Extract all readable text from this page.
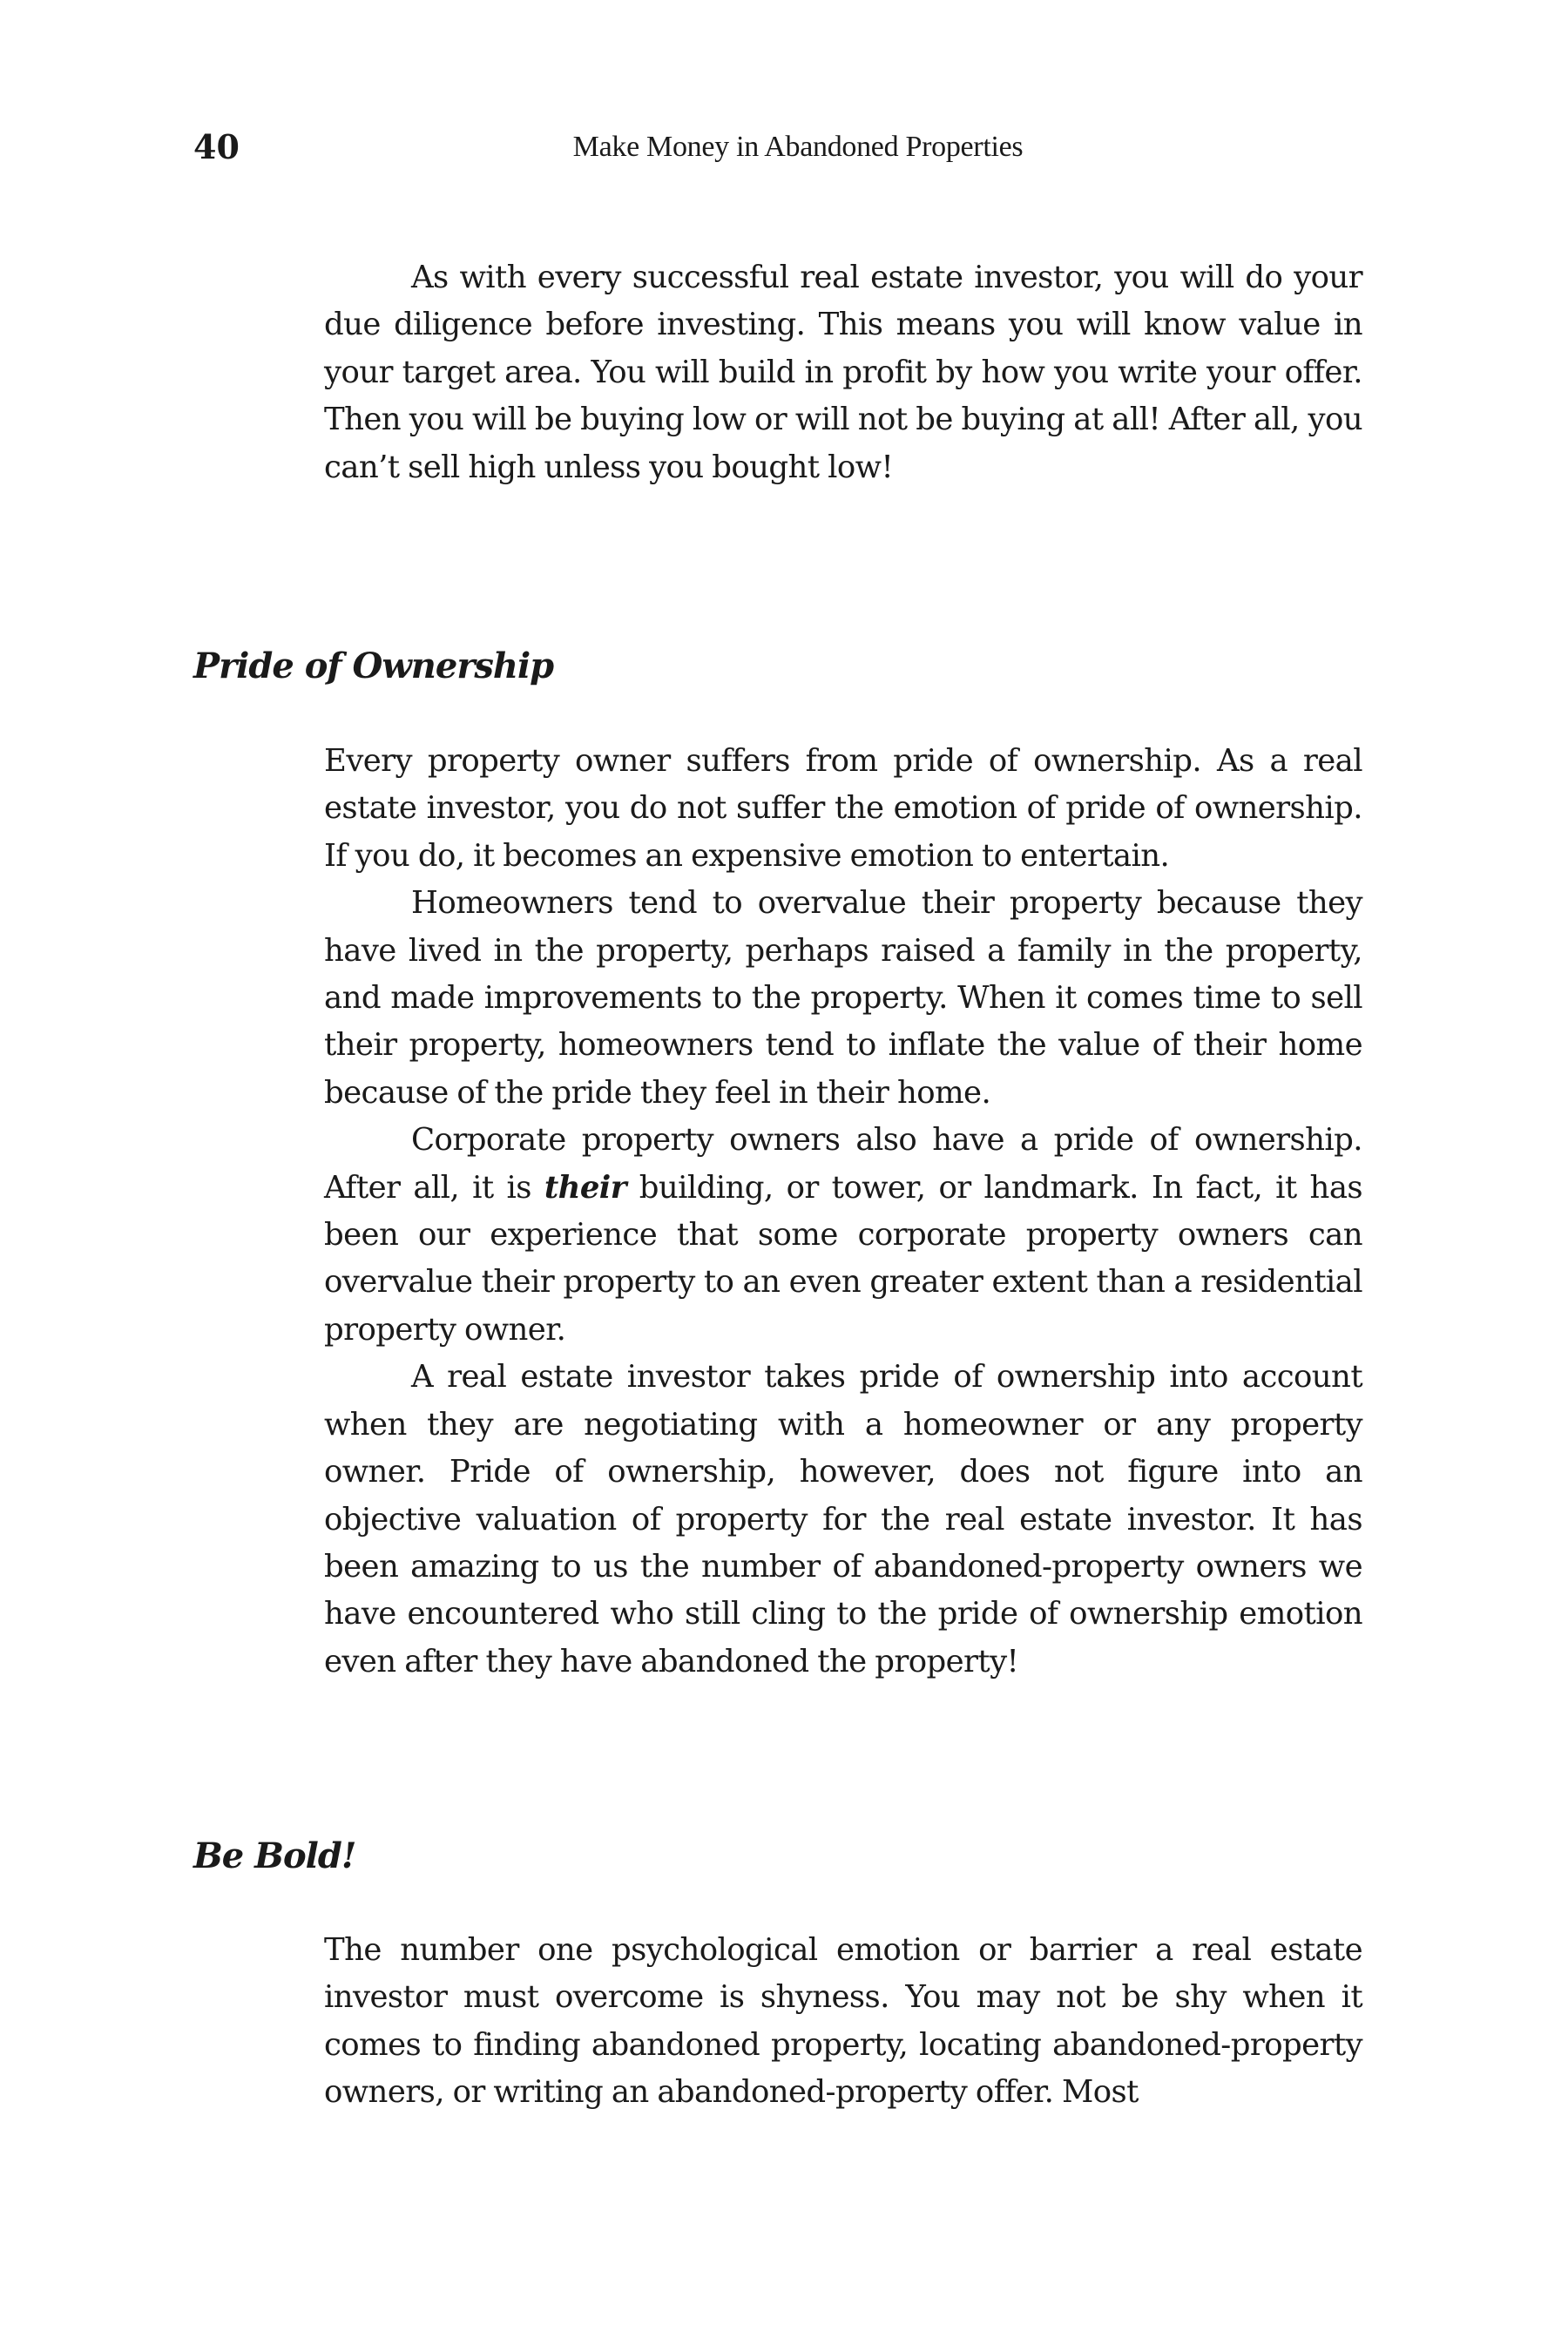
40	Make Money in Abandoned Properties

As with every successful real estate investor, you will do your due diligence before investing. This means you will know value in your target area. You will build in profit by how you write your offer. Then you will be buying low or will not be buying at all! After all, you can’t sell high unless you bought low!

Pride of Ownership

Every property owner suffers from pride of ownership. As a real estate investor, you do not suffer the emotion of pride of ownership. If you do, it becomes an expensive emotion to entertain.

Homeowners tend to overvalue their property because they have lived in the property, perhaps raised a family in the property, and made improvements to the property. When it comes time to sell their property, homeowners tend to inflate the value of their home because of the pride they feel in their home.

Corporate property owners also have a pride of ownership. After all, it is their building, or tower, or landmark. In fact, it has been our experience that some corporate property owners can overvalue their property to an even greater extent than a residential property owner.

A real estate investor takes pride of ownership into account when they are negotiating with a homeowner or any property owner. Pride of ownership, however, does not figure into an objective valuation of property for the real estate investor. It has been amazing to us the number of abandoned-property owners we have encountered who still cling to the pride of ownership emotion even after they have abandoned the property!

Be Bold!

The number one psychological emotion or barrier a real estate investor must overcome is shyness. You may not be shy when it comes to finding abandoned property, locating abandoned-property owners, or writing an abandoned-property offer. Most
